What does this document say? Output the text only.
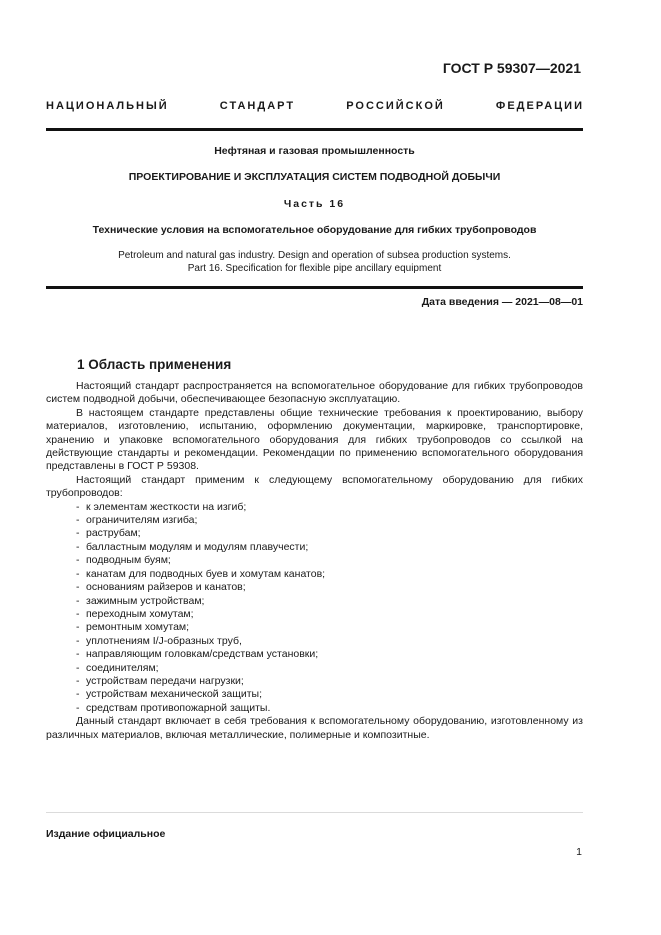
ГОСТ Р 59307—2021
НАЦИОНАЛЬНЫЙ СТАНДАРТ РОССИЙСКОЙ ФЕДЕРАЦИИ
Нефтяная и газовая промышленность
ПРОЕКТИРОВАНИЕ И ЭКСПЛУАТАЦИЯ СИСТЕМ ПОДВОДНОЙ ДОБЫЧИ
Часть 16
Технические условия на вспомогательное оборудование для гибких трубопроводов
Petroleum and natural gas industry. Design and operation of subsea production systems.
Part 16. Specification for flexible pipe ancillary equipment
Дата введения — 2021—08—01
1 Область применения

Настоящий стандарт распространяется на вспомогательное оборудование для гибких трубопроводов систем подводной добычи, обеспечивающее безопасную эксплуатацию.

В настоящем стандарте представлены общие технические требования к проектированию, выбору материалов, изготовлению, испытанию, оформлению документации, маркировке, транспортировке, хранению и упаковке вспомогательного оборудования для гибких трубопроводов со ссылкой на действующие стандарты и рекомендации. Рекомендации по применению вспомогательного оборудования представлены в ГОСТ Р 59308.

Настоящий стандарт применим к следующему вспомогательному оборудованию для гибких трубопроводов:

- к элементам жесткости на изгиб;
- ограничителям изгиба;
- раструбам;
- балластным модулям и модулям плавучести;
- подводным буям;
- канатам для подводных буев и хомутам канатов;
- основаниям райзеров и канатов;
- зажимным устройствам;
- переходным хомутам;
- ремонтным хомутам;
- уплотнениям I/J-образных труб,
- направляющим головкам/средствам установки;
- соединителям;
- устройствам передачи нагрузки;
- устройствам механической защиты;
- средствам противопожарной защиты.

Данный стандарт включает в себя требования к вспомогательному оборудованию, изготовленному из различных материалов, включая металлические, полимерные и композитные.

Издание официальное
1
